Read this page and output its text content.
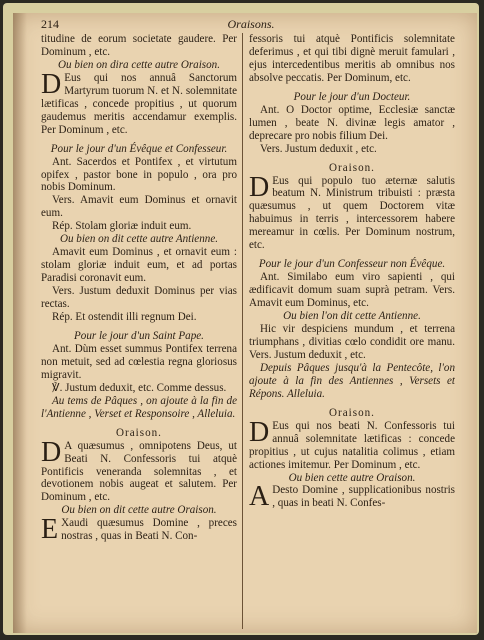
214	Oraisons.

titudine de eorum societate gaudere. Per Dominum , etc.

Ou bien on dira cette autre Oraison.

D Eus qui nos annuâ Sanctorum Martyrum tuorum N. et N. solemnitate lætificas , concede propitius , ut quorum gaudemus meritis accendamur exemplis. Per Dominum , etc.

Pour le jour d'un Évêque et Confesseur.

Ant. Sacerdos et Pontifex , et virtutum opifex , pastor bone in populo , ora pro nobis Dominum.

Vers. Amavit eum Dominus et ornavit eum.

Rép. Stolam gloriæ induit eum.

Ou bien on dit cette autre Antienne.

Amavit eum Dominus , et ornavit eum : stolam gloriæ induit eum, et ad portas Paradisi coronavit eum.

Vers. Justum deduxit Dominus per vias rectas.

Rép. Et ostendit illi regnum Dei.

Pour le jour d'un Saint Pape.

Ant. Dùm esset summus Pontifex terrena non metuit, sed ad cœlestia regna gloriosus migravit.

℣. Justum deduxit, etc. Comme dessus.

Au tems de Pâques , on ajoute à la fin de l'Antienne , Verset et Responsoire , Alleluia.

Oraison.

D A quæsumus , omnipotens Deus, ut Beati N. Confessoris tui atquè Pontificis veneranda solemnitas , et devotionem nobis augeat et salutem. Per Dominum , etc.

Ou bien on dit cette autre Oraison.

E Xaudi quæsumus Domine , preces nostras , quas in Beati N. Con-

fessoris tui atquè Pontificis solemnitate deferimus , et qui tibi dignè meruit famulari , ejus intercedentibus meritis ab omnibus nos absolve peccatis. Per Dominum, etc.

Pour le jour d'un Docteur.

Ant. O Doctor optime, Ecclesiæ sanctæ lumen , beate N. divinæ legis amator , deprecare pro nobis filium Dei.

Vers. Justum deduxit , etc.

Oraison.

D Eus qui populo tuo æternæ salutis beatum N. Ministrum tribuisti : præsta quæsumus , ut quem Doctorem vitæ habuimus in terris , intercessorem habere mereamur in cœlis. Per Dominum nostrum, etc.

Pour le jour d'un Confesseur non Évêque.

Ant. Similabo eum viro sapienti , qui ædificavit domum suam suprà petram. Vers. Amavit eum Dominus, etc.

Ou bien l'on dit cette Antienne.

Hic vir despiciens mundum , et terrena triumphans , divitias cœlo condidit ore manu. Vers. Justum deduxit , etc.

Depuis Pâques jusqu'à la Pentecôte, l'on ajoute à la fin des Antiennes , Versets et Répons. Alleluia.

Oraison.

D Eus qui nos beati N. Confessoris tui annuâ solemnitate lætificas : concede propitius , ut cujus natalitia colimus , etiam actiones imitemur. Per Dominum , etc.

Ou bien cette autre Oraison.

A Desto Domine , supplicationibus nostris , quas in beati N. Confes-
